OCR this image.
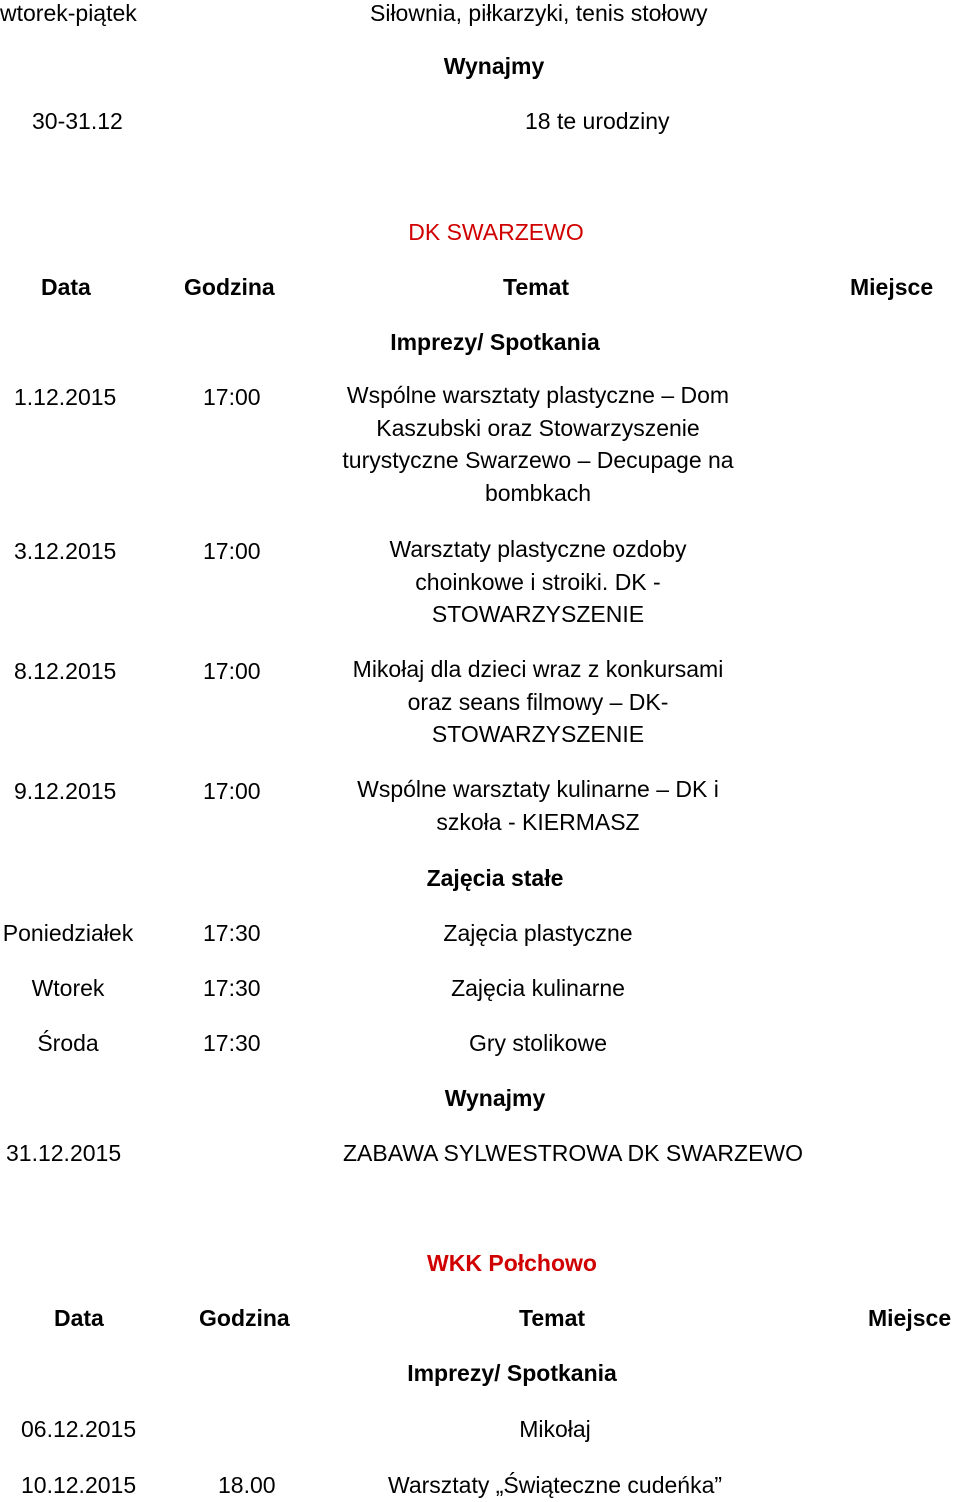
wtorek-piątek	Siłownia, piłkarzyki, tenis stołowy
Wynajmy
30-31.12	18 te urodziny
DK SWARZEWO
Data	Godzina	Temat	Miejsce
Imprezy/ Spotkania
1.12.2015	17:00	Wspólne warsztaty plastyczne – Dom
Kaszubski oraz Stowarzyszenie
turystyczne Swarzewo – Decupage na
bombkach
3.12.2015	17:00	Warsztaty plastyczne ozdoby
choinkowe i stroiki. DK -
STOWARZYSZENIE
8.12.2015	17:00	Mikołaj dla dzieci wraz z konkursami
oraz seans filmowy – DK-
STOWARZYSZENIE
9.12.2015	17:00	Wspólne warsztaty kulinarne – DK i
szkoła - KIERMASZ
Zajęcia stałe
Poniedziałek	17:30	Zajęcia plastyczne
Wtorek	17:30	Zajęcia kulinarne
Środa	17:30	Gry stolikowe
Wynajmy
31.12.2015	ZABAWA SYLWESTROWA DK SWARZEWO
WKK Połchowo
Data	Godzina	Temat	Miejsce
Imprezy/ Spotkania
06.12.2015	Mikołaj
10.12.2015	18.00	Warsztaty „Świąteczne cudeńka”
